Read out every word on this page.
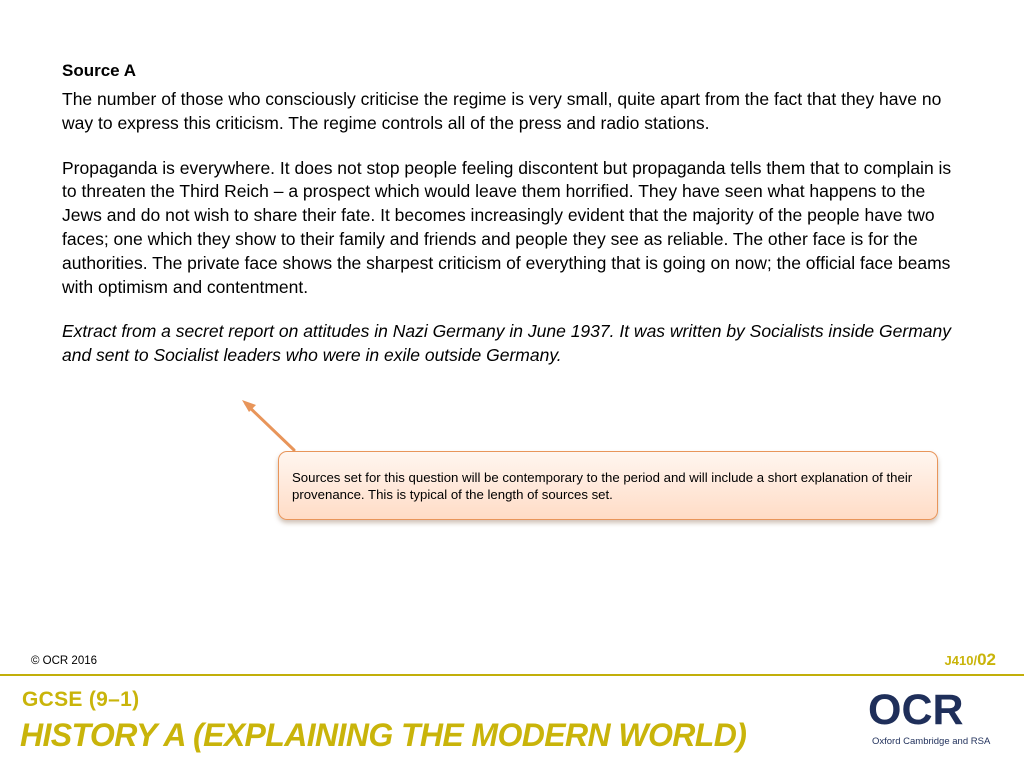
Source A

The number of those who consciously criticise the regime is very small, quite apart from the fact that they have no way to express this criticism. The regime controls all of the press and radio stations.

Propaganda is everywhere. It does not stop people feeling discontent but propaganda tells them that to complain is to threaten the Third Reich – a prospect which would leave them horrified. They have seen what happens to the Jews and do not wish to share their fate. It becomes increasingly evident that the majority of the people have two faces; one which they show to their family and friends and people they see as reliable. The other face is for the authorities. The private face shows the sharpest criticism of everything that is going on now; the official face beams with optimism and contentment.

Extract from a secret report on attitudes in Nazi Germany in June 1937. It was written by Socialists inside Germany and sent to Socialist leaders who were in exile outside Germany.

Sources set for this question will be contemporary to the period and will include a short explanation of their provenance. This is typical of the length of sources set.
© OCR 2016	J410/02
GCSE (9–1)
HISTORY A (EXPLAINING THE MODERN WORLD)
OCR
Oxford Cambridge and RSA
